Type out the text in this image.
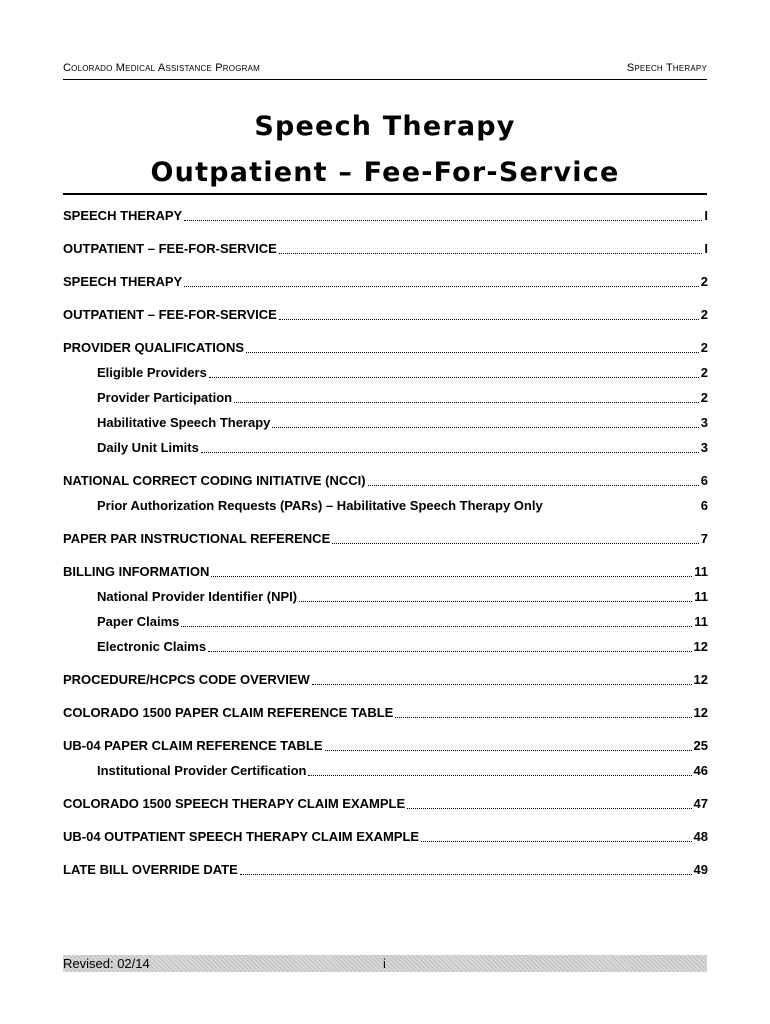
Colorado Medical Assistance Program	Speech Therapy
Speech Therapy
Outpatient – Fee-For-Service
SPEECH THERAPY	I
OUTPATIENT – FEE-FOR-SERVICE	I
SPEECH THERAPY	2
OUTPATIENT – FEE-FOR-SERVICE	2
PROVIDER QUALIFICATIONS	2
Eligible Providers	2
Provider Participation	2
Habilitative Speech Therapy	3
Daily Unit Limits	3
NATIONAL CORRECT CODING INITIATIVE (NCCI)	6
Prior Authorization Requests (PARs) – Habilitative Speech Therapy Only	6
PAPER PAR INSTRUCTIONAL REFERENCE	7
BILLING INFORMATION	11
National Provider Identifier (NPI)	11
Paper Claims	11
Electronic Claims	12
PROCEDURE/HCPCS CODE OVERVIEW	12
COLORADO 1500 PAPER CLAIM REFERENCE TABLE	12
UB-04 PAPER CLAIM REFERENCE TABLE	25
Institutional Provider Certification	46
COLORADO 1500 SPEECH THERAPY CLAIM EXAMPLE	47
UB-04 OUTPATIENT SPEECH THERAPY CLAIM EXAMPLE	48
LATE BILL OVERRIDE DATE	49
Revised: 02/14	i
